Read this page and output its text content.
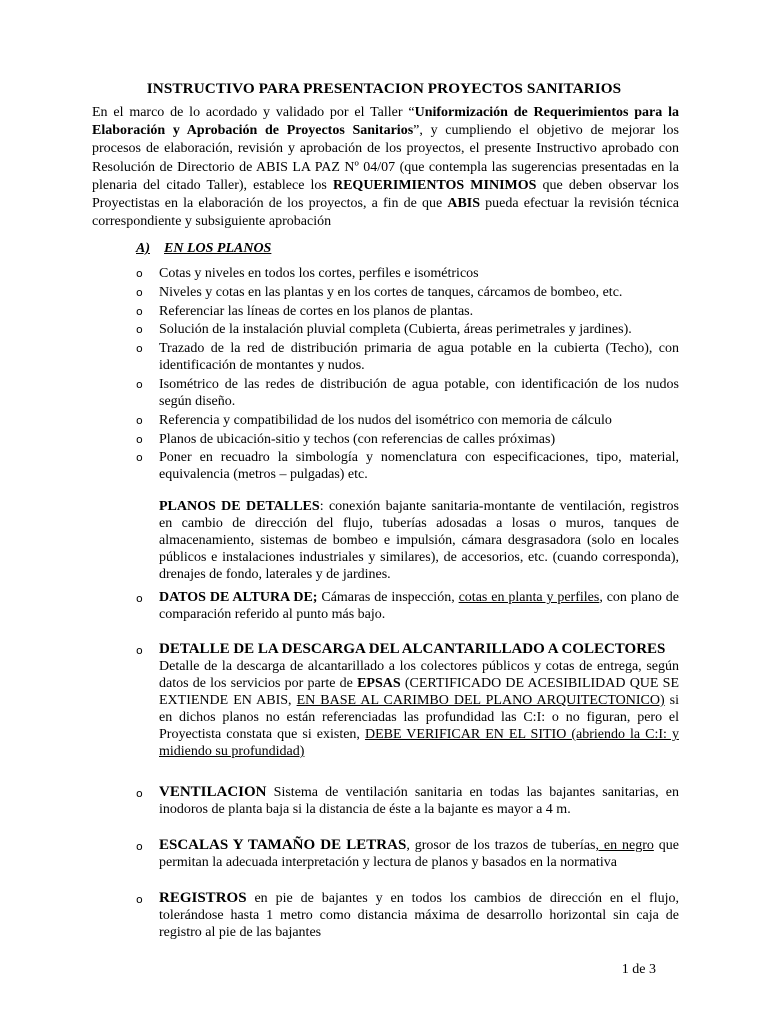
INSTRUCTIVO PARA PRESENTACION PROYECTOS SANITARIOS
En el marco de lo acordado y validado por el Taller “Uniformización de Requerimientos para la Elaboración y Aprobación de Proyectos Sanitarios”, y cumpliendo el objetivo de mejorar los procesos de elaboración, revisión y aprobación de los proyectos, el presente Instructivo aprobado con Resolución de Directorio de ABIS LA PAZ Nº 04/07 (que contempla las sugerencias presentadas en la plenaria del citado Taller), establece los REQUERIMIENTOS MINIMOS que deben observar los Proyectistas en la elaboración de los proyectos, a fin de que ABIS pueda efectuar la revisión técnica correspondiente y subsiguiente aprobación
A) EN LOS PLANOS
o Cotas y niveles en todos los cortes, perfiles e isométricos
o Niveles y cotas en las plantas y en los cortes de tanques, cárcamos de bombeo, etc.
o Referenciar las líneas de cortes en los planos de plantas.
o Solución de la instalación pluvial completa (Cubierta, áreas perimetrales y jardines).
o Trazado de la red de distribución primaria de agua potable en la cubierta (Techo), con identificación de montantes y nudos.
o Isométrico de las redes de distribución de agua potable, con identificación de los nudos según diseño.
o Referencia y compatibilidad de los nudos del isométrico con memoria de cálculo
o Planos de ubicación-sitio y techos (con referencias de calles próximas)
o Poner en recuadro la simbología y nomenclatura con especificaciones, tipo, material, equivalencia (metros – pulgadas) etc.
PLANOS DE DETALLES: conexión bajante sanitaria-montante de ventilación, registros en cambio de dirección del flujo, tuberías adosadas a losas o muros, tanques de almacenamiento, sistemas de bombeo e impulsión, cámara desgrasadora (solo en locales públicos e instalaciones industriales y similares), de accesorios, etc. (cuando corresponda), drenajes de fondo, laterales y de jardines.
o DATOS DE ALTURA DE; Cámaras de inspección, cotas en planta y perfiles, con plano de comparación referido al punto más bajo.
o DETALLE DE LA DESCARGA DEL ALCANTARILLADO A COLECTORES
Detalle de la descarga de alcantarillado a los colectores públicos y cotas de entrega, según datos de los servicios por parte de EPSAS (CERTIFICADO DE ACESIBILIDAD QUE SE EXTIENDE EN ABIS, EN BASE AL CARIMBO DEL PLANO ARQUITECTONICO) si en dichos planos no están referenciadas las profundidad las C:I: o no figuran, pero el Proyectista constata que si existen, DEBE VERIFICAR EN EL SITIO (abriendo la C:I: y midiendo su profundidad)
o VENTILACION Sistema de ventilación sanitaria en todas las bajantes sanitarias, en inodoros de planta baja si la distancia de éste a la bajante es mayor a 4 m.
o ESCALAS Y TAMAÑO DE LETRAS, grosor de los trazos de tuberías, en negro que permitan la adecuada interpretación y lectura de planos y basados en la normativa
o REGISTROS en pie de bajantes y en todos los cambios de dirección en el flujo, tolerándose hasta 1 metro como distancia máxima de desarrollo horizontal sin caja de registro al pie de las bajantes
1 de 3
